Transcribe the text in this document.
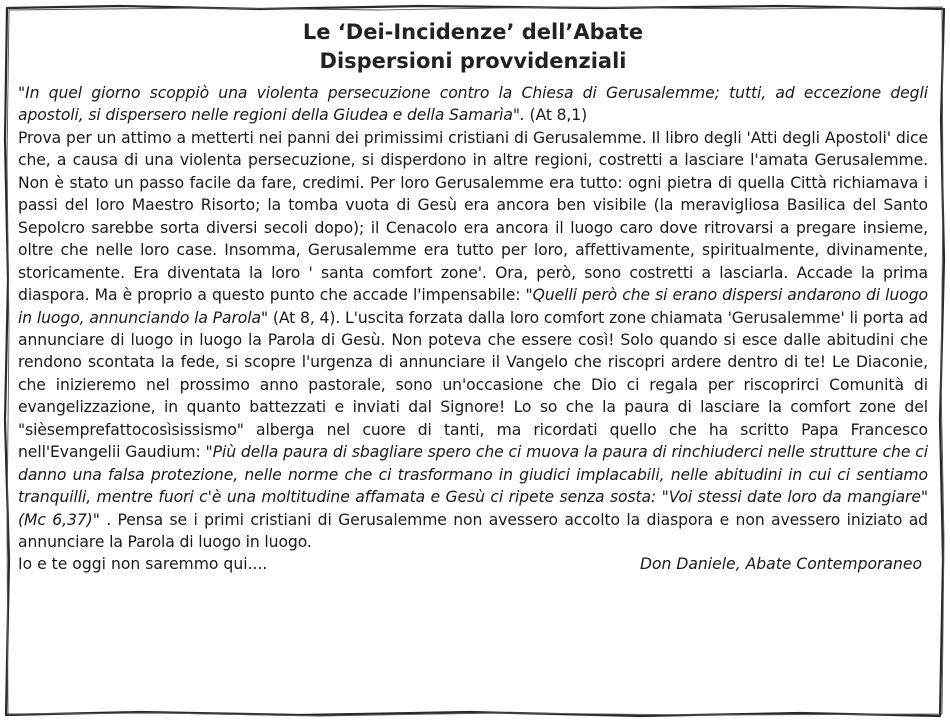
Le ‘Dei-Incidenze’ dell’Abate
Dispersioni provvidenziali

"In quel giorno scoppiò una violenta persecuzione contro la Chiesa di Gerusalemme; tutti, ad eccezione degli apostoli, si dispersero nelle regioni della Giudea e della Samarìa". (At 8,1)
Prova per un attimo a metterti nei panni dei primissimi cristiani di Gerusalemme. Il libro degli 'Atti degli Apostoli' dice che, a causa di una violenta persecuzione, si disperdono in altre regioni, costretti a lasciare l'amata Gerusalemme. Non è stato un passo facile da fare, credimi. Per loro Gerusalemme era tutto: ogni pietra di quella Città richiamava i passi del loro Maestro Risorto; la tomba vuota di Gesù era ancora ben visibile (la meravigliosa Basilica del Santo Sepolcro sarebbe sorta diversi secoli dopo); il Cenacolo era ancora il luogo caro dove ritrovarsi a pregare insieme, oltre che nelle loro case. Insomma, Gerusalemme era tutto per loro, affettivamente, spiritualmente, divinamente, storicamente. Era diventata la loro ' santa comfort zone'. Ora, però, sono costretti a lasciarla. Accade la prima diaspora. Ma è proprio a questo punto che accade l'impensabile: "Quelli però che si erano dispersi andarono di luogo in luogo, annunciando la Parola" (At 8, 4). L'uscita forzata dalla loro comfort zone chiamata 'Gerusalemme' li porta ad annunciare di luogo in luogo la Parola di Gesù. Non poteva che essere così! Solo quando si esce dalle abitudini che rendono scontata la fede, si scopre l'urgenza di annunciare il Vangelo che riscopri ardere dentro di te! Le Diaconie, che inizieremo nel prossimo anno pastorale, sono un'occasione che Dio ci regala per riscoprirci Comunità di evangelizzazione, in quanto battezzati e inviati dal Signore! Lo so che la paura di lasciare la comfort zone del "sièsemprefattocosìsissismo" alberga nel cuore di tanti, ma ricordati quello che ha scritto Papa Francesco nell'Evangelii Gaudium: "Più della paura di sbagliare spero che ci muova la paura di rinchiuderci nelle strutture che ci danno una falsa protezione, nelle norme che ci trasformano in giudici implacabili, nelle abitudini in cui ci sentiamo tranquilli, mentre fuori c'è una moltitudine affamata e Gesù ci ripete senza sosta: "Voi stessi date loro da mangiare" (Mc 6,37)" . Pensa se i primi cristiani di Gerusalemme non avessero accolto la diaspora e non avessero iniziato ad annunciare la Parola di luogo in luogo.

Io e te oggi non saremmo qui....	Don Daniele, Abate Contemporaneo
